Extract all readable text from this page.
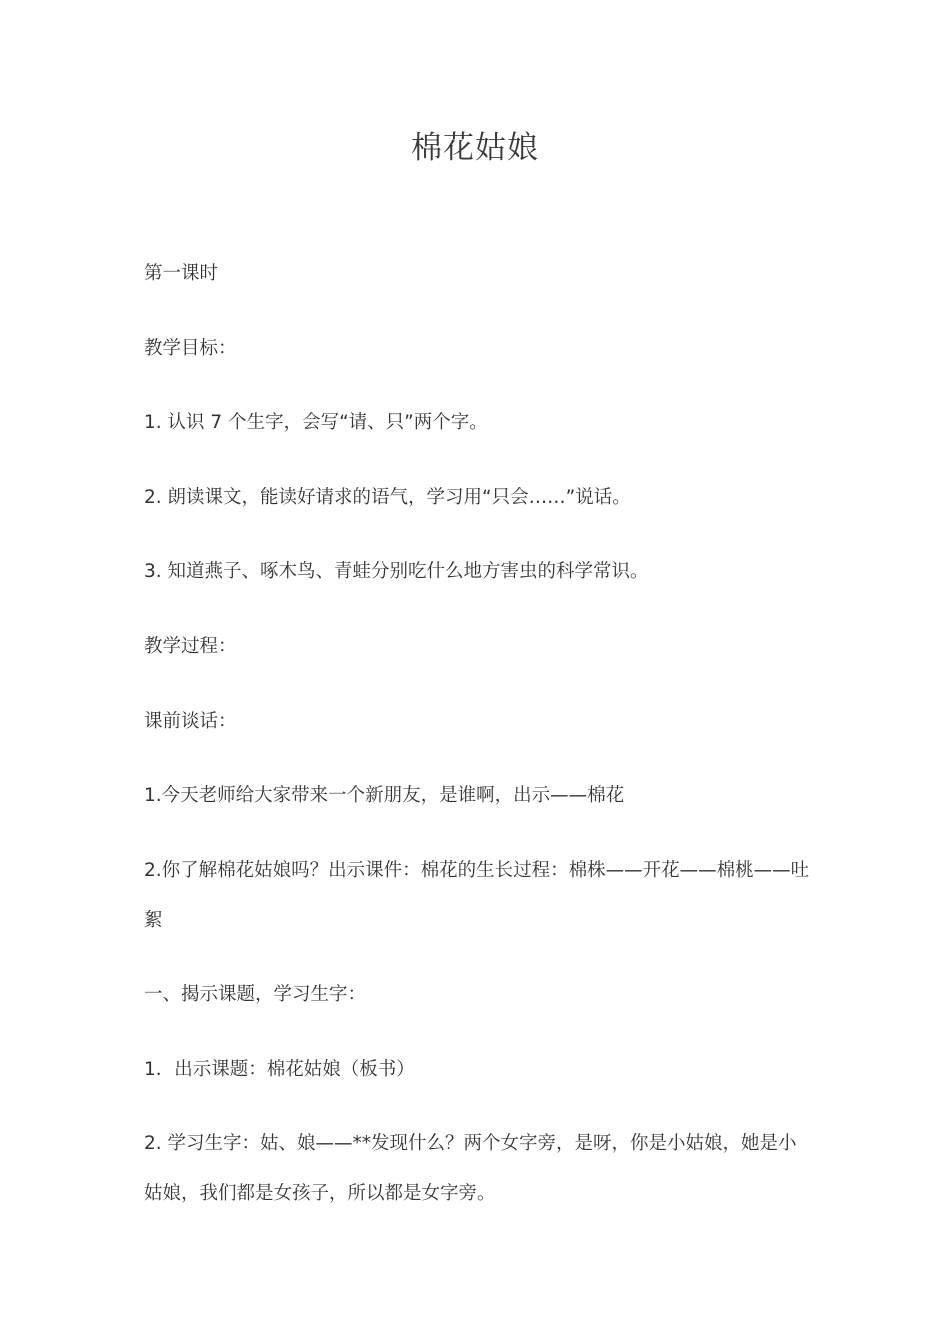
棉花姑娘

第一课时

教学目标：

1. 认识 7 个生字，会写“请、只”两个字。

2. 朗读课文，能读好请求的语气，学习用“只会……”说话。

3. 知道燕子、啄木鸟、青蛙分别吃什么地方害虫的科学常识。

教学过程：

课前谈话：

1.今天老师给大家带来一个新朋友，是谁啊，出示——棉花

2.你了解棉花姑娘吗？出示课件：棉花的生长过程：棉株——开花——棉桃——吐絮

一、揭示课题，学习生字：

1．出示课题：棉花姑娘（板书）

2. 学习生字：姑、娘——**发现什么？两个女字旁，是呀，你是小姑娘，她是小姑娘，我们都是女孩子，所以都是女字旁。
